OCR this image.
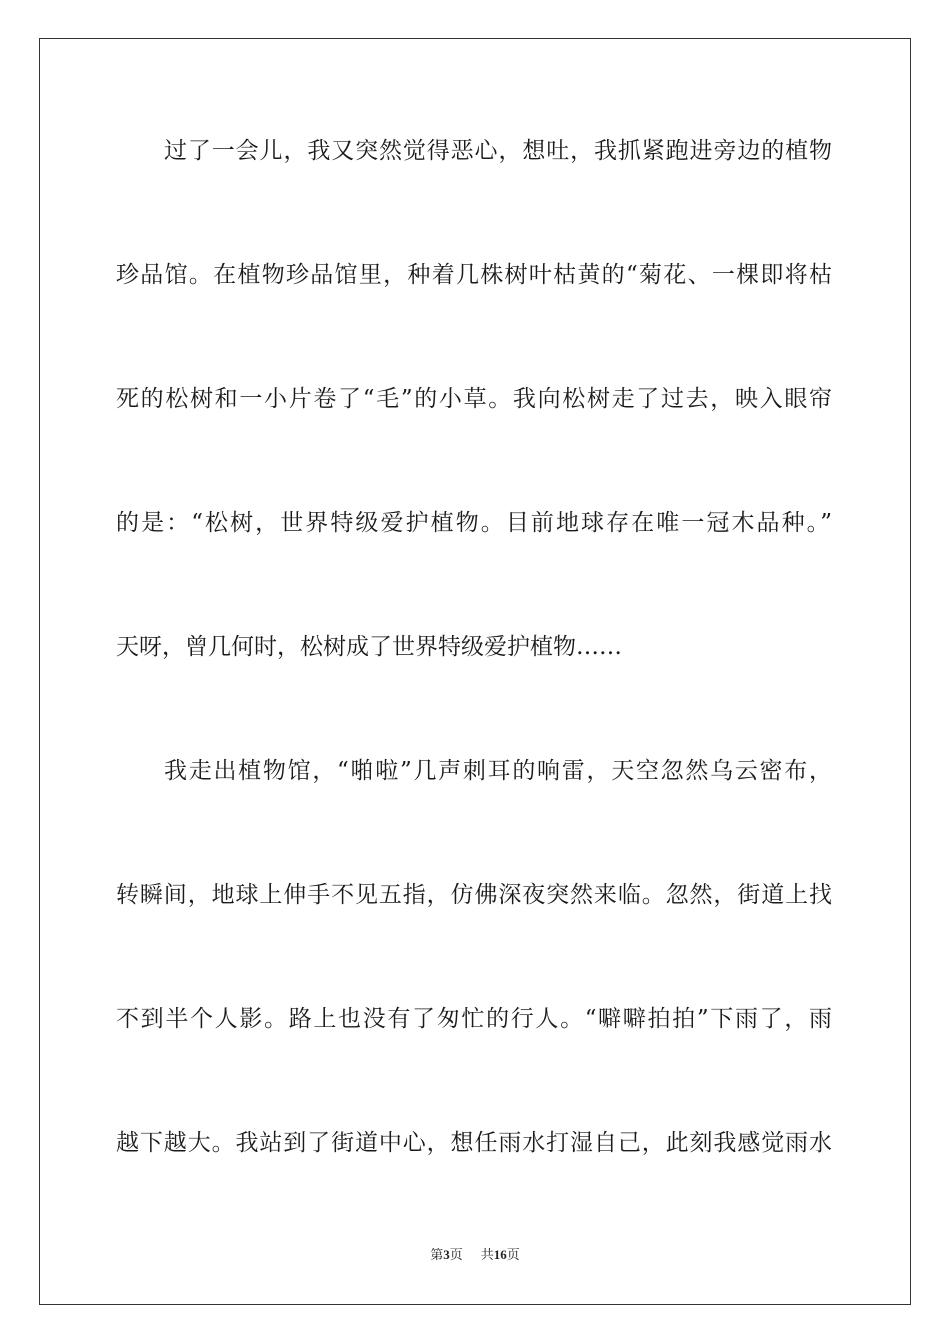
过了一会儿，我又突然觉得恶心，想吐，我抓紧跑进旁边的植物
珍品馆。在植物珍品馆里，种着几株树叶枯黄的“菊花、一棵即将枯
死的松树和一小片卷了“毛”的小草。我向松树走了过去，映入眼帘
的是：“松树，世界特级爱护植物。目前地球存在唯一冠木品种。”
天呀，曾几何时，松树成了世界特级爱护植物……
我走出植物馆，“啪啦”几声刺耳的响雷，天空忽然乌云密布，
转瞬间，地球上伸手不见五指，仿佛深夜突然来临。忽然，街道上找
不到半个人影。路上也没有了匆忙的行人。“噼噼拍拍”下雨了，雨
越下越大。我站到了街道中心，想任雨水打湿自己，此刻我感觉雨水
第3页 共16页
